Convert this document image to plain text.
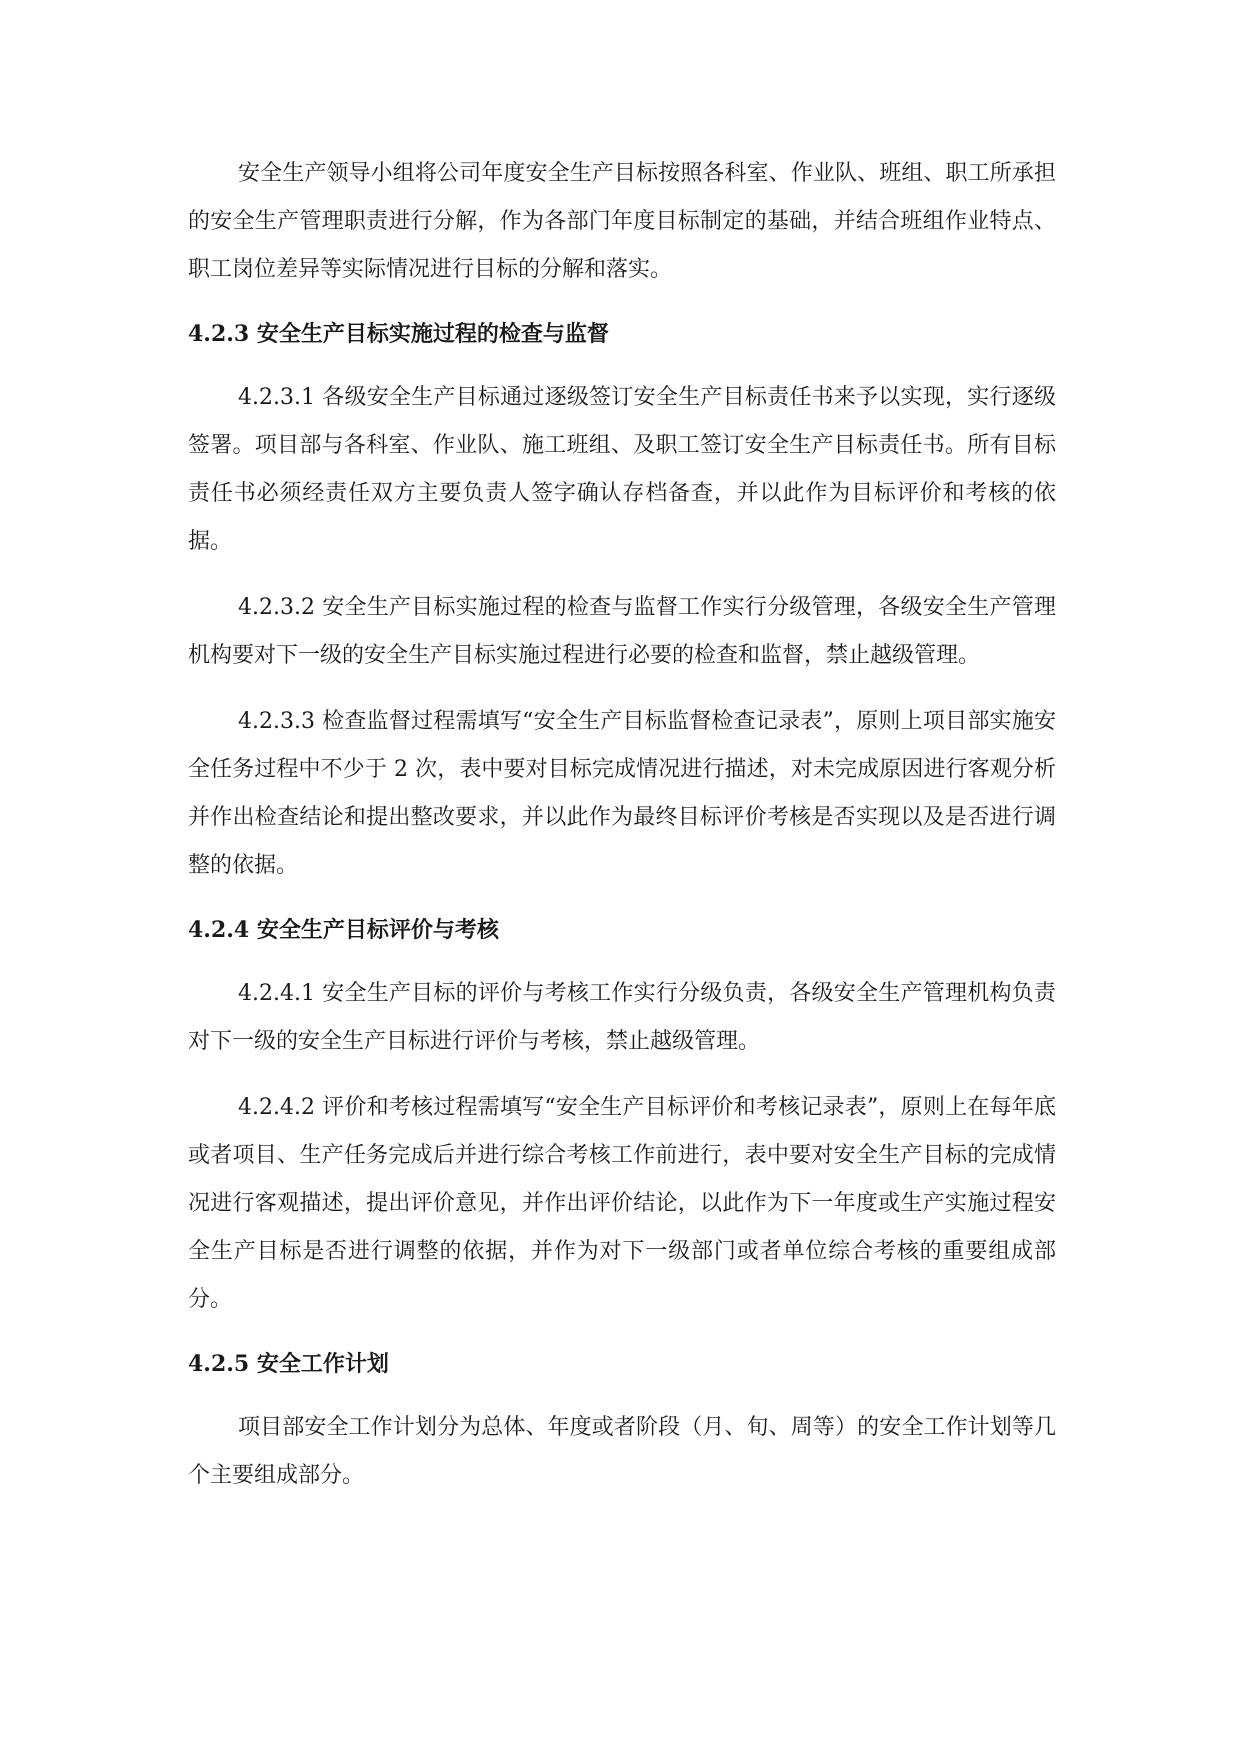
安全生产领导小组将公司年度安全生产目标按照各科室、作业队、班组、职工所承担的安全生产管理职责进行分解，作为各部门年度目标制定的基础，并结合班组作业特点、职工岗位差异等实际情况进行目标的分解和落实。

4.2.3 安全生产目标实施过程的检查与监督

4.2.3.1 各级安全生产目标通过逐级签订安全生产目标责任书来予以实现，实行逐级签署。项目部与各科室、作业队、施工班组、及职工签订安全生产目标责任书。所有目标责任书必须经责任双方主要负责人签字确认存档备查，并以此作为目标评价和考核的依据。

4.2.3.2 安全生产目标实施过程的检查与监督工作实行分级管理，各级安全生产管理机构要对下一级的安全生产目标实施过程进行必要的检查和监督，禁止越级管理。

4.2.3.3 检查监督过程需填写“安全生产目标监督检查记录表”，原则上项目部实施安全任务过程中不少于 2 次，表中要对目标完成情况进行描述，对未完成原因进行客观分析并作出检查结论和提出整改要求，并以此作为最终目标评价考核是否实现以及是否进行调整的依据。

4.2.4 安全生产目标评价与考核

4.2.4.1 安全生产目标的评价与考核工作实行分级负责，各级安全生产管理机构负责对下一级的安全生产目标进行评价与考核，禁止越级管理。

4.2.4.2 评价和考核过程需填写“安全生产目标评价和考核记录表”，原则上在每年底或者项目、生产任务完成后并进行综合考核工作前进行，表中要对安全生产目标的完成情况进行客观描述，提出评价意见，并作出评价结论，以此作为下一年度或生产实施过程安全生产目标是否进行调整的依据，并作为对下一级部门或者单位综合考核的重要组成部分。

4.2.5 安全工作计划

项目部安全工作计划分为总体、年度或者阶段（月、旬、周等）的安全工作计划等几个主要组成部分。
